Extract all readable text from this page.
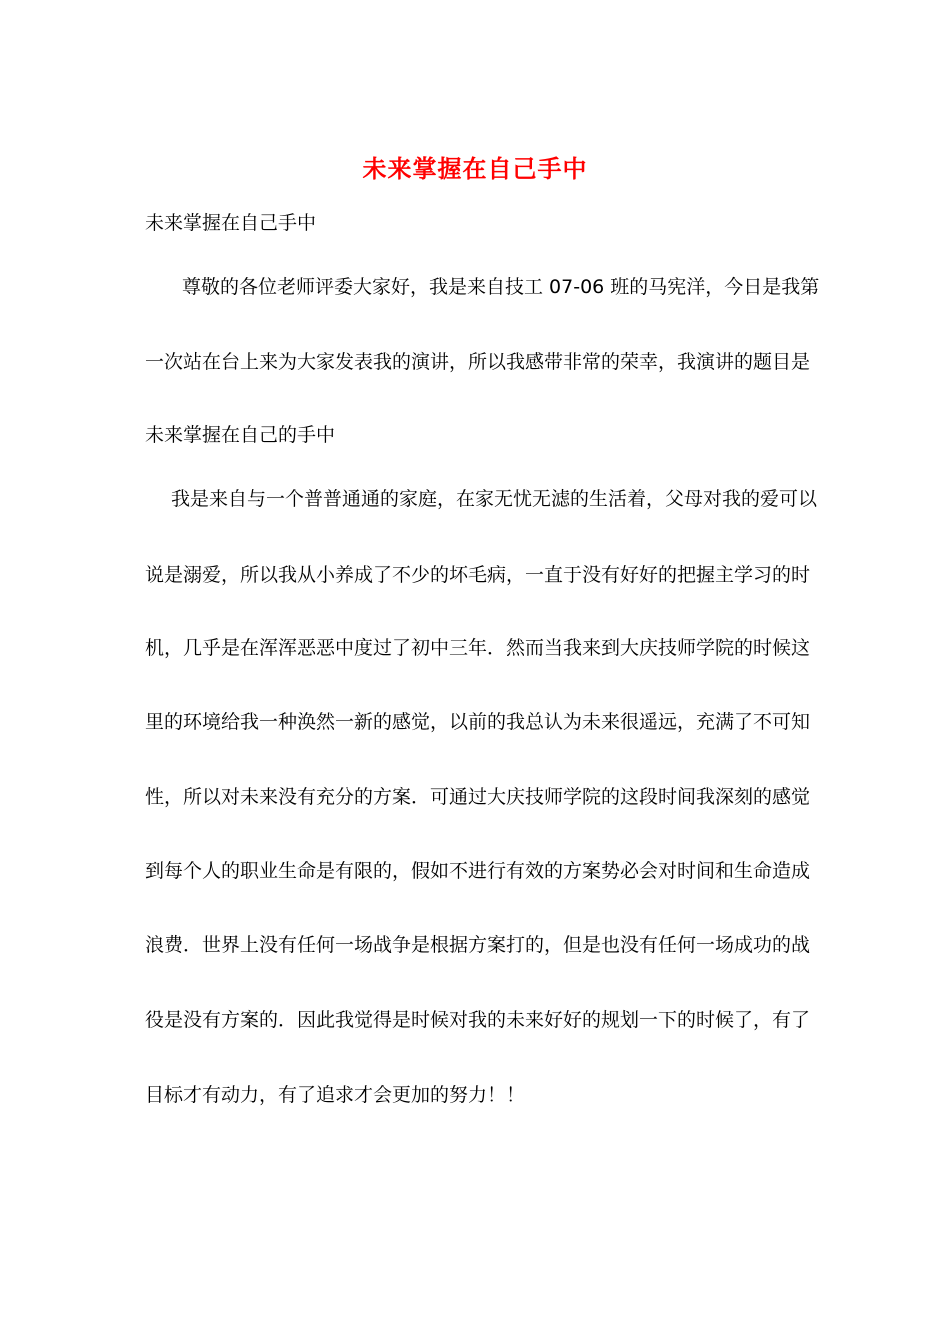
未来掌握在自己手中
未来掌握在自己手中
尊敬的各位老师评委大家好，我是来自技工 07-06 班的马宪洋，今日是我第
一次站在台上来为大家发表我的演讲，所以我感带非常的荣幸，我演讲的题目是
未来掌握在自己的手中
我是来自与一个普普通通的家庭，在家无忧无滤的生活着，父母对我的爱可以
说是溺爱，所以我从小养成了不少的坏毛病，一直于没有好好的把握主学习的时
机，几乎是在浑浑恶恶中度过了初中三年．然而当我来到大庆技师学院的时候这
里的环境给我一种涣然一新的感觉，以前的我总认为未来很遥远，充满了不可知
性，所以对未来没有充分的方案．可通过大庆技师学院的这段时间我深刻的感觉
到每个人的职业生命是有限的，假如不进行有效的方案势必会对时间和生命造成
浪费．世界上没有任何一场战争是根据方案打的，但是也没有任何一场成功的战
役是没有方案的．因此我觉得是时候对我的未来好好的规划一下的时候了，有了
目标才有动力，有了追求才会更加的努力！！
